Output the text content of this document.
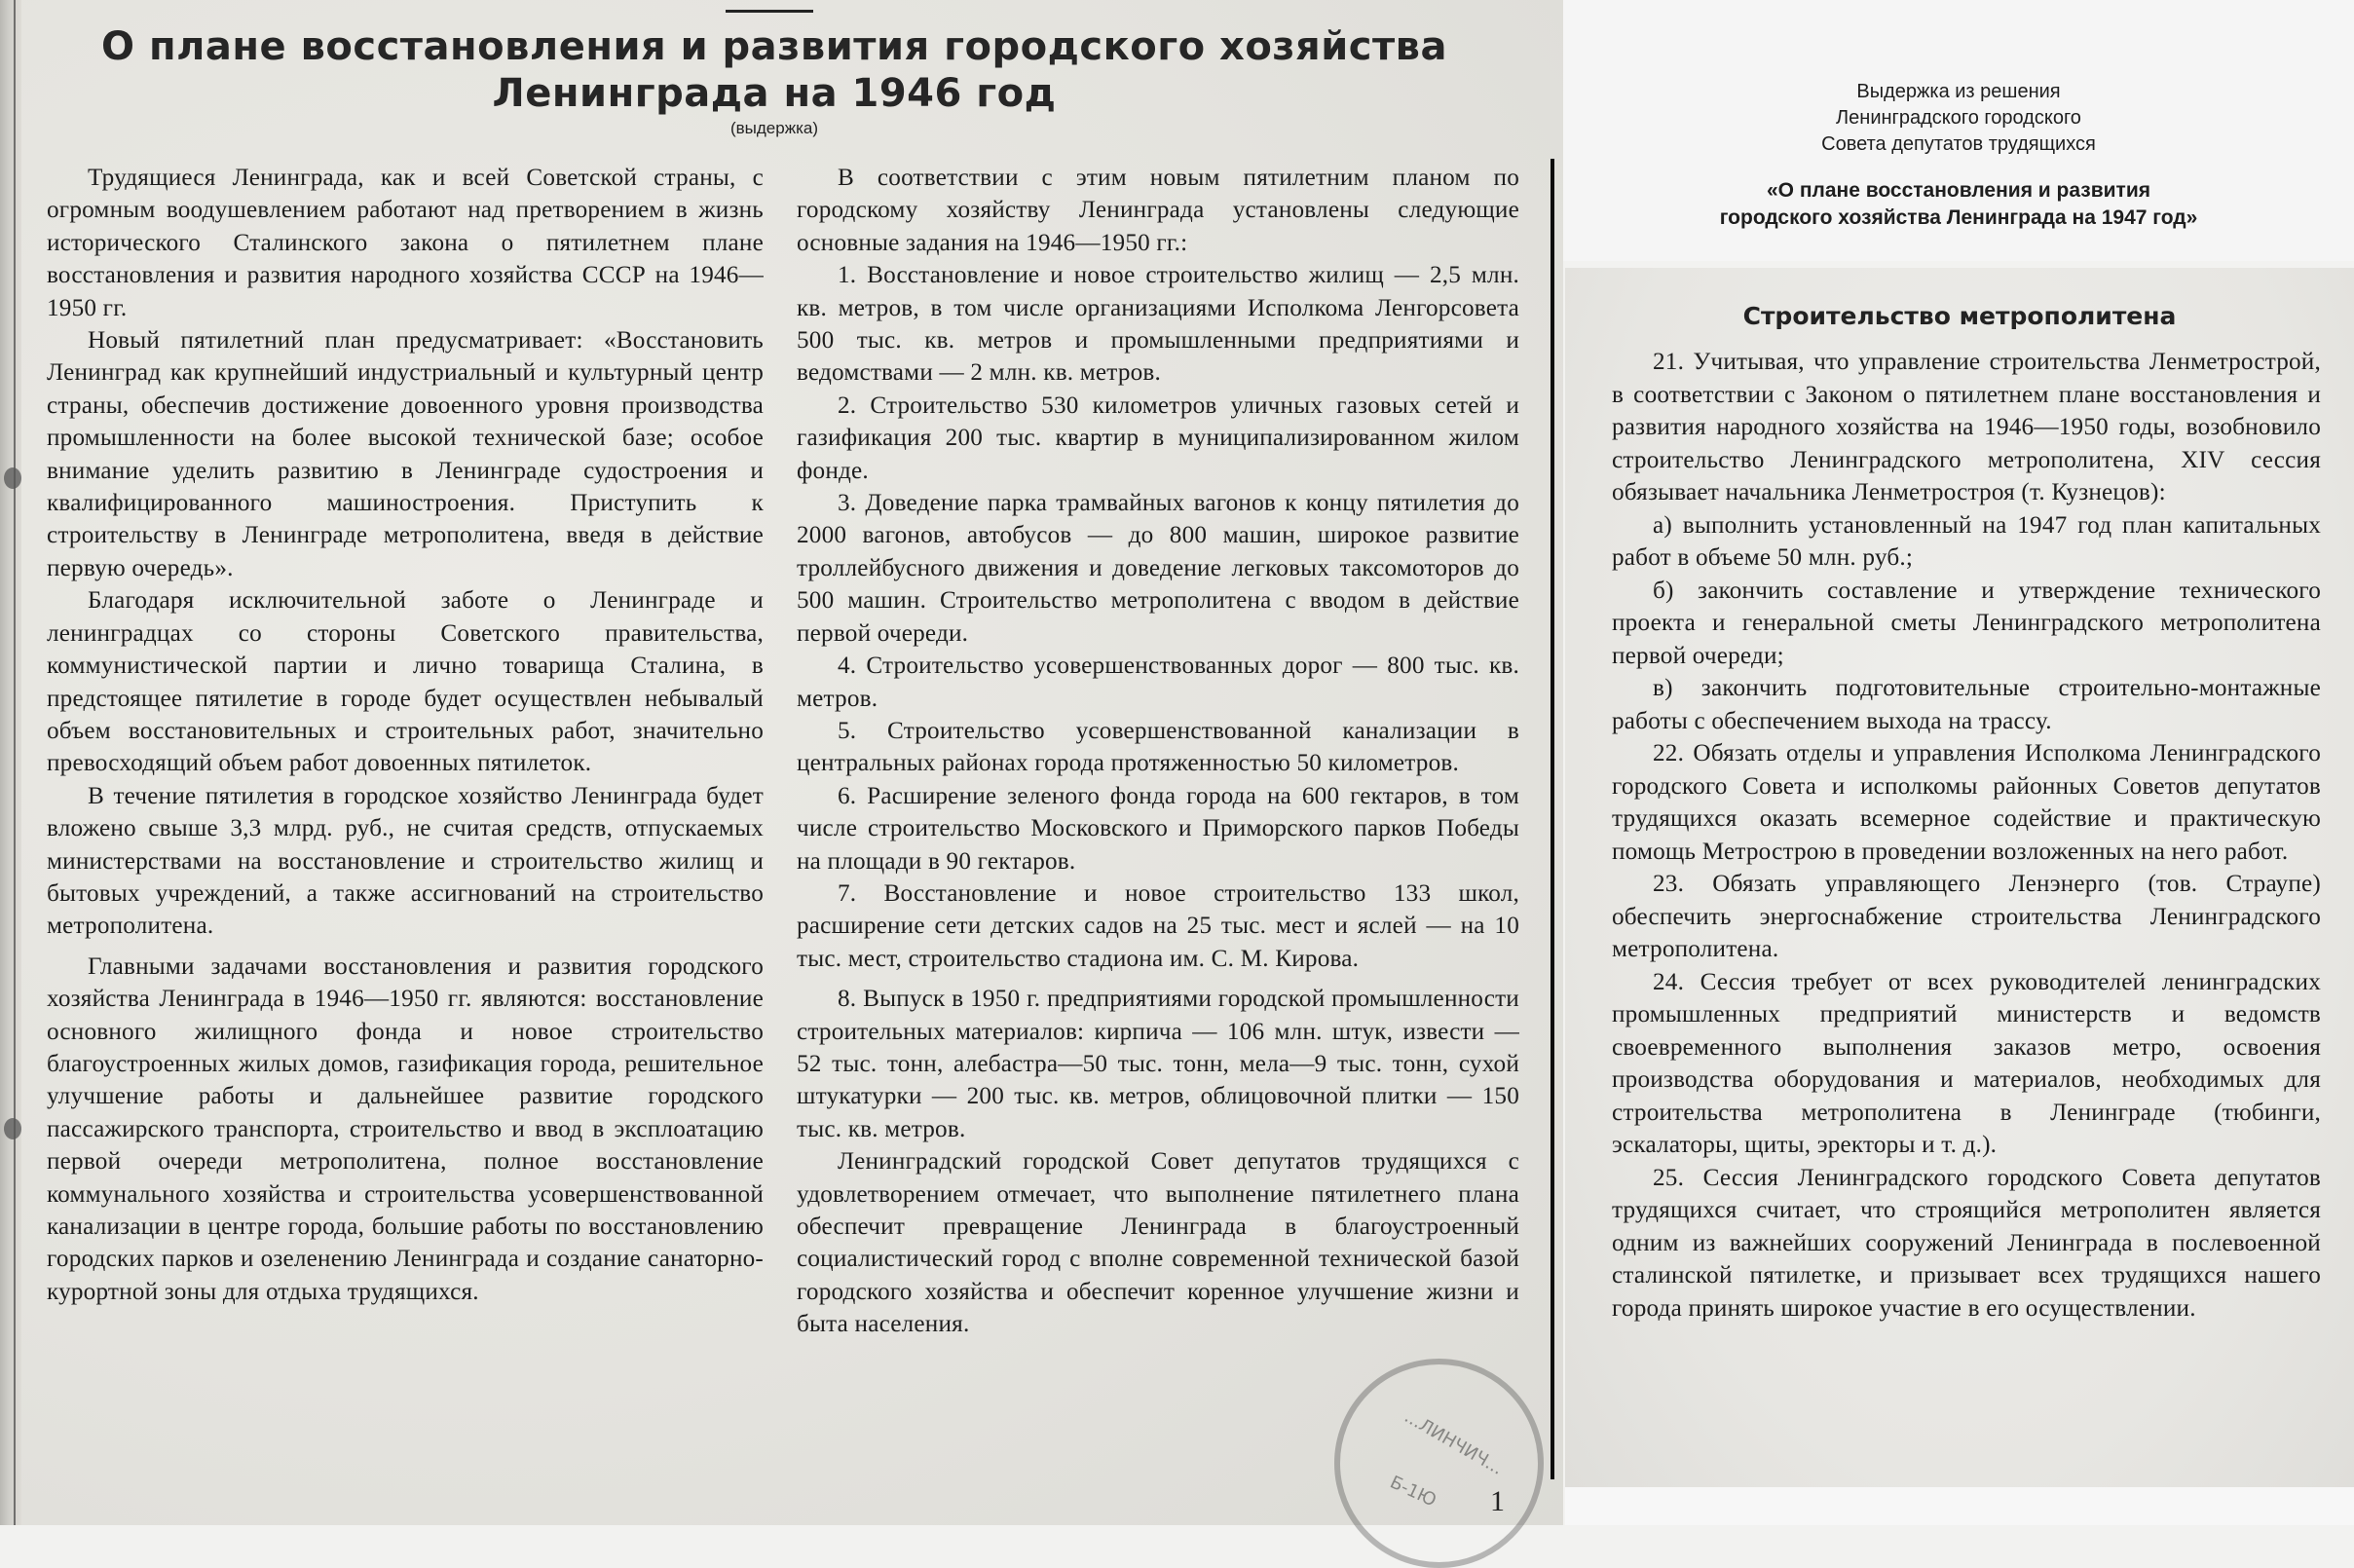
О плане восстановления и развития городского хозяйства
Ленинграда на 1946 год
(выдержка)

Трудящиеся Ленинграда, как и всей Советской страны, с огромным воодушевлением работают над претворением в жизнь исторического Сталинского закона о пятилетнем плане восстановления и развития народного хозяйства СССР на 1946—1950 гг.

Новый пятилетний план предусматривает: «Восстановить Ленинград как крупнейший индустриальный и культурный центр страны, обеспечив достижение довоенного уровня производства промышленности на более высокой технической базе; особое внимание уделить развитию в Ленинграде судостроения и квалифицированного машиностроения. Приступить к строительству в Ленинграде метрополитена, введя в действие первую очередь».

Благодаря исключительной заботе о Ленинграде и ленинградцах со стороны Советского правительства, коммунистической партии и лично товарища Сталина, в предстоящее пятилетие в городе будет осуществлен небывалый объем восстановительных и строительных работ, значительно превосходящий объем работ довоенных пятилеток.

В течение пятилетия в городское хозяйство Ленинграда будет вложено свыше 3,3 млрд. руб., не считая средств, отпускаемых министерствами на восстановление и строительство жилищ и бытовых учреждений, а также ассигнований на строительство метрополитена.

Главными задачами восстановления и развития городского хозяйства Ленинграда в 1946—1950 гг. являются: восстановление основного жилищного фонда и новое строительство благоустроенных жилых домов, газификация города, решительное улучшение работы и дальнейшее развитие городского пассажирского транспорта, строительство и ввод в эксплоатацию первой очереди метрополитена, полное восстановление коммунального хозяйства и строительства усовершенствованной канализации в центре города, большие работы по восстановлению городских парков и озеленению Ленинграда и создание санаторно-курортной зоны для отдыха трудящихся.

В соответствии с этим новым пятилетним планом по городскому хозяйству Ленинграда установлены следующие основные задания на 1946—1950 гг.:

1. Восстановление и новое строительство жилищ — 2,5 млн. кв. метров, в том числе организациями Исполкома Ленгорсовета 500 тыс. кв. метров и промышленными предприятиями и ведомствами — 2 млн. кв. метров.

2. Строительство 530 километров уличных газовых сетей и газификация 200 тыс. квартир в муниципализированном жилом фонде.

3. Доведение парка трамвайных вагонов к концу пятилетия до 2000 вагонов, автобусов — до 800 машин, широкое развитие троллейбусного движения и доведение легковых таксомоторов до 500 машин. Строительство метрополитена с вводом в действие первой очереди.

4. Строительство усовершенствованных дорог — 800 тыс. кв. метров.

5. Строительство усовершенствованной канализации в центральных районах города протяженностью 50 километров.

6. Расширение зеленого фонда города на 600 гектаров, в том числе строительство Московского и Приморского парков Победы на площади в 90 гектаров.

7. Восстановление и новое строительство 133 школ, расширение сети детских садов на 25 тыс. мест и яслей — на 10 тыс. мест, строительство стадиона им. С. М. Кирова.

8. Выпуск в 1950 г. предприятиями городской промышленности строительных материалов: кирпича — 106 млн. штук, извести — 52 тыс. тонн, алебастра—50 тыс. тонн, мела—9 тыс. тонн, сухой штукатурки — 200 тыс. кв. метров, облицовочной плитки — 150 тыс. кв. метров.

Ленинградский городской Совет депутатов трудящихся с удовлетворением отмечает, что выполнение пятилетнего плана обеспечит превращение Ленинграда в благоустроенный социалистический город с вполне современной технической базой городского хозяйства и обеспечит коренное улучшение жизни и быта населения.

...ЛИНЧИЧ...
Б-1Ю 1
Выдержка из решения
Ленинградского городского
Совета депутатов трудящихся
«О плане восстановления и развития
городского хозяйства Ленинграда на 1947 год»
Строительство метрополитена

21. Учитывая, что управление строительства Ленметрострой, в соответствии с Законом о пятилетнем плане восстановления и развития народного хозяйства на 1946—1950 годы, возобновило строительство Ленинградского метрополитена, XIV сессия обязывает начальника Ленметростроя (т. Кузнецов):

а) выполнить установленный на 1947 год план капитальных работ в объеме 50 млн. руб.;

б) закончить составление и утверждение технического проекта и генеральной сметы Ленинградского метрополитена первой очереди;

в) закончить подготовительные строительно-монтажные работы с обеспечением выхода на трассу.

22. Обязать отделы и управления Исполкома Ленинградского городского Совета и исполкомы районных Советов депутатов трудящихся оказать всемерное содействие и практическую помощь Метрострою в проведении возложенных на него работ.

23. Обязать управляющего Ленэнерго (тов. Страупе) обеспечить энергоснабжение строительства Ленинградского метрополитена.

24. Сессия требует от всех руководителей ленинградских промышленных предприятий министерств и ведомств своевременного выполнения заказов метро, освоения производства оборудования и материалов, необходимых для строительства метрополитена в Ленинграде (тюбинги, эскалаторы, щиты, эректоры и т. д.).

25. Сессия Ленинградского городского Совета депутатов трудящихся считает, что строящийся метрополитен является одним из важнейших сооружений Ленинграда в послевоенной сталинской пятилетке, и призывает всех трудящихся нашего города принять широкое участие в его осуществлении.
